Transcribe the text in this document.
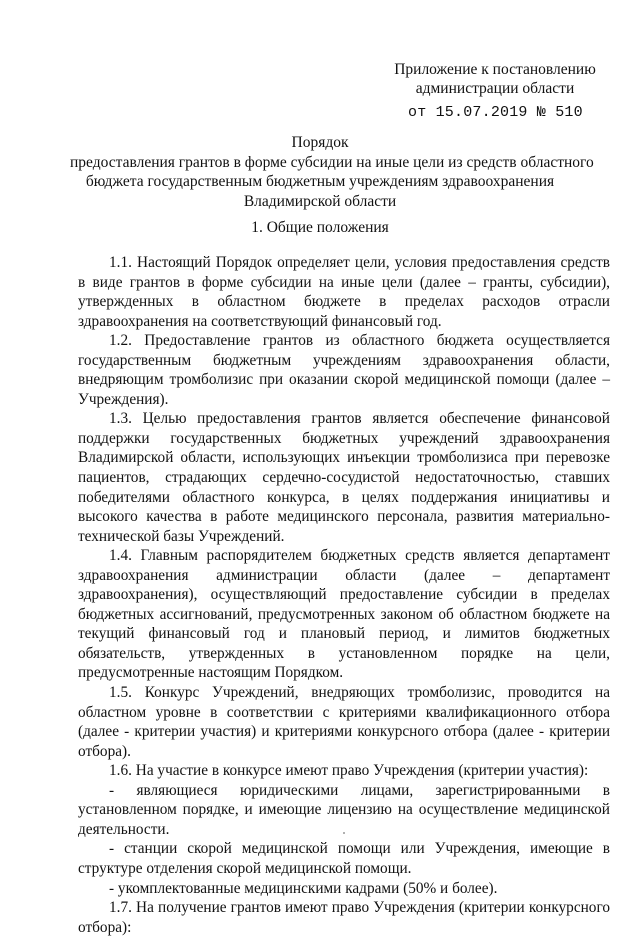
Приложение к постановлению
администрации области
от 15.07.2019 № 510
Порядок
предоставления грантов в форме субсидии на иные цели из средств областного
бюджета государственным бюджетным учреждениям здравоохранения
Владимирской области
1. Общие положения

1.1. Настоящий Порядок определяет цели, условия предоставления средств в виде грантов в форме субсидии на иные цели (далее – гранты, субсидии), утвержденных в областном бюджете в пределах расходов отрасли здравоохранения на соответствующий финансовый год.

1.2. Предоставление грантов из областного бюджета осуществляется государственным бюджетным учреждениям здравоохранения области, внедряющим тромболизис при оказании скорой медицинской помощи (далее – Учреждения).

1.3. Целью предоставления грантов является обеспечение финансовой поддержки государственных бюджетных учреждений здравоохранения Владимирской области, использующих инъекции тромболизиса при перевозке пациентов, страдающих сердечно-сосудистой недостаточностью, ставших победителями областного конкурса, в целях поддержания инициативы и высокого качества в работе медицинского персонала, развития материально-технической базы Учреждений.

1.4. Главным распорядителем бюджетных средств является департамент здравоохранения администрации области (далее – департамент здравоохранения), осуществляющий предоставление субсидии в пределах бюджетных ассигнований, предусмотренных законом об областном бюджете на текущий финансовый год и плановый период, и лимитов бюджетных обязательств, утвержденных в установленном порядке на цели, предусмотренные настоящим Порядком.

1.5. Конкурс Учреждений, внедряющих тромболизис, проводится на областном уровне в соответствии с критериями квалификационного отбора (далее - критерии участия) и критериями конкурсного отбора (далее - критерии отбора).

1.6. На участие в конкурсе имеют право Учреждения (критерии участия):

- являющиеся юридическими лицами, зарегистрированными в установленном порядке, и имеющие лицензию на осуществление медицинской деятельности.

- станции скорой медицинской помощи или Учреждения, имеющие в структуре отделения скорой медицинской помощи.

- укомплектованные медицинскими кадрами (50% и более).

1.7. На получение грантов имеют право Учреждения (критерии конкурсного отбора):
